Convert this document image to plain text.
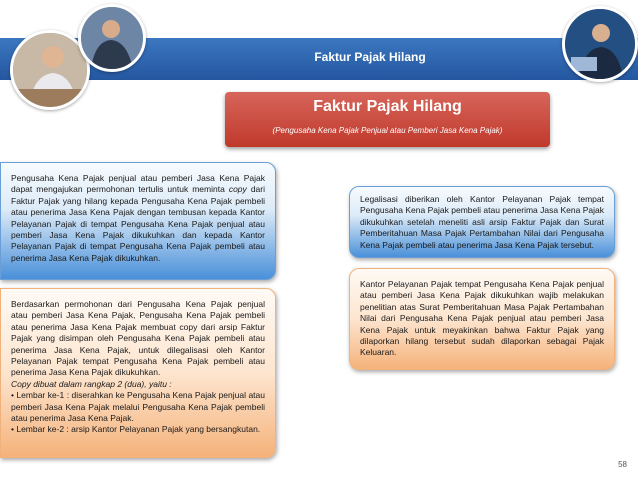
Faktur Pajak Hilang
Faktur Pajak Hilang
(Pengusaha Kena Pajak Penjual atau Pemberi Jasa Kena Pajak)

Pengusaha Kena Pajak penjual atau pemberi Jasa Kena Pajak dapat mengajukan permohonan tertulis untuk meminta copy dari Faktur Pajak yang hilang kepada Pengusaha Kena Pajak pembeli atau penerima Jasa Kena Pajak dengan tembusan kepada Kantor Pelayanan Pajak di tempat Pengusaha Kena Pajak penjual atau pemberi Jasa Kena Pajak dikukuhkan dan kepada Kantor Pelayanan Pajak di tempat Pengusaha Kena Pajak pembeli atau penerima Jasa Kena Pajak dikukuhkan.

Berdasarkan permohonan dari Pengusaha Kena Pajak penjual atau pemberi Jasa Kena Pajak, Pengusaha Kena Pajak pembeli atau penerima Jasa Kena Pajak membuat copy dari arsip Faktur Pajak yang disimpan oleh Pengusaha Kena Pajak pembeli atau penerima Jasa Kena Pajak, untuk dilegalisasi oleh Kantor Pelayanan Pajak tempat Pengusaha Kena Pajak pembeli atau penerima Jasa Kena Pajak dikukuhkan.

Copy dibuat dalam rangkap 2 (dua), yaitu :

• Lembar ke-1 : diserahkan ke Pengusaha Kena Pajak penjual atau pemberi Jasa Kena Pajak melalui Pengusaha Kena Pajak pembeli atau penerima Jasa Kena Pajak.

• Lembar ke-2 : arsip Kantor Pelayanan Pajak yang bersangkutan.

Legalisasi diberikan oleh Kantor Pelayanan Pajak tempat Pengusaha Kena Pajak pembeli atau penerima Jasa Kena Pajak dikukuhkan setelah meneliti asli arsip Faktur Pajak dan Surat Pemberitahuan Masa Pajak Pertambahan Nilai dari Pengusaha Kena Pajak pembeli atau penerima Jasa Kena Pajak tersebut.

Kantor Pelayanan Pajak tempat Pengusaha Kena Pajak penjual atau pemberi Jasa Kena Pajak dikukuhkan wajib melakukan penelitian atas Surat Pemberitahuan Masa Pajak Pertambahan Nilai dari Pengusaha Kena Pajak penjual atau pemberi Jasa Kena Pajak untuk meyakinkan bahwa Faktur Pajak yang dilaporkan hilang tersebut sudah dilaporkan sebagai Pajak Keluaran.

58
